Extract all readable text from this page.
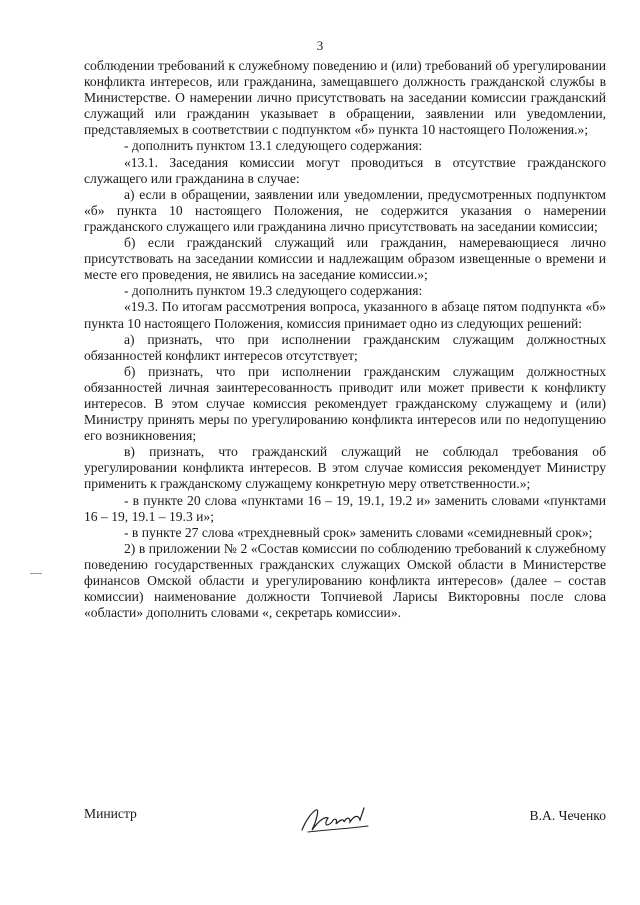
3

соблюдении требований к служебному поведению и (или) требований об урегулировании конфликта интересов, или гражданина, замещавшего должность гражданской службы в Министерстве. О намерении лично присутствовать на заседании комиссии гражданский служащий или гражданин указывает в обращении, заявлении или уведомлении, представляемых в соответствии с подпунктом «б» пункта 10 настоящего Положения.»;

- дополнить пунктом 13.1 следующего содержания:

«13.1. Заседания комиссии могут проводиться в отсутствие гражданского служащего или гражданина в случае:

а) если в обращении, заявлении или уведомлении, предусмотренных подпунктом «б» пункта 10 настоящего Положения, не содержится указания о намерении гражданского служащего или гражданина лично присутствовать на заседании комиссии;

б) если гражданский служащий или гражданин, намеревающиеся лично присутствовать на заседании комиссии и надлежащим образом извещенные о времени и месте его проведения, не явились на заседание комиссии.»;

- дополнить пунктом 19.3 следующего содержания:

«19.3. По итогам рассмотрения вопроса, указанного в абзаце пятом подпункта «б» пункта 10 настоящего Положения, комиссия принимает одно из следующих решений:

а) признать, что при исполнении гражданским служащим должностных обязанностей конфликт интересов отсутствует;

б) признать, что при исполнении гражданским служащим должностных обязанностей личная заинтересованность приводит или может привести к конфликту интересов. В этом случае комиссия рекомендует гражданскому служащему и (или) Министру принять меры по урегулированию конфликта интересов или по недопущению его возникновения;

в) признать, что гражданский служащий не соблюдал требования об урегулировании конфликта интересов. В этом случае комиссия рекомендует Министру применить к гражданскому служащему конкретную меру ответственности.»;

- в пункте 20 слова «пунктами 16 – 19, 19.1, 19.2 и» заменить словами «пунктами 16 – 19, 19.1 – 19.3 и»;

- в пункте 27 слова «трехдневный срок» заменить словами «семидневный срок»;

2) в приложении № 2 «Состав комиссии по соблюдению требований к служебному поведению государственных гражданских служащих Омской области в Министерстве финансов Омской области и урегулированию конфликта интересов» (далее – состав комиссии) наименование должности Топчиевой Ларисы Викторовны после слова «области» дополнить словами «, секретарь комиссии».

Министр	В.А. Чеченко
